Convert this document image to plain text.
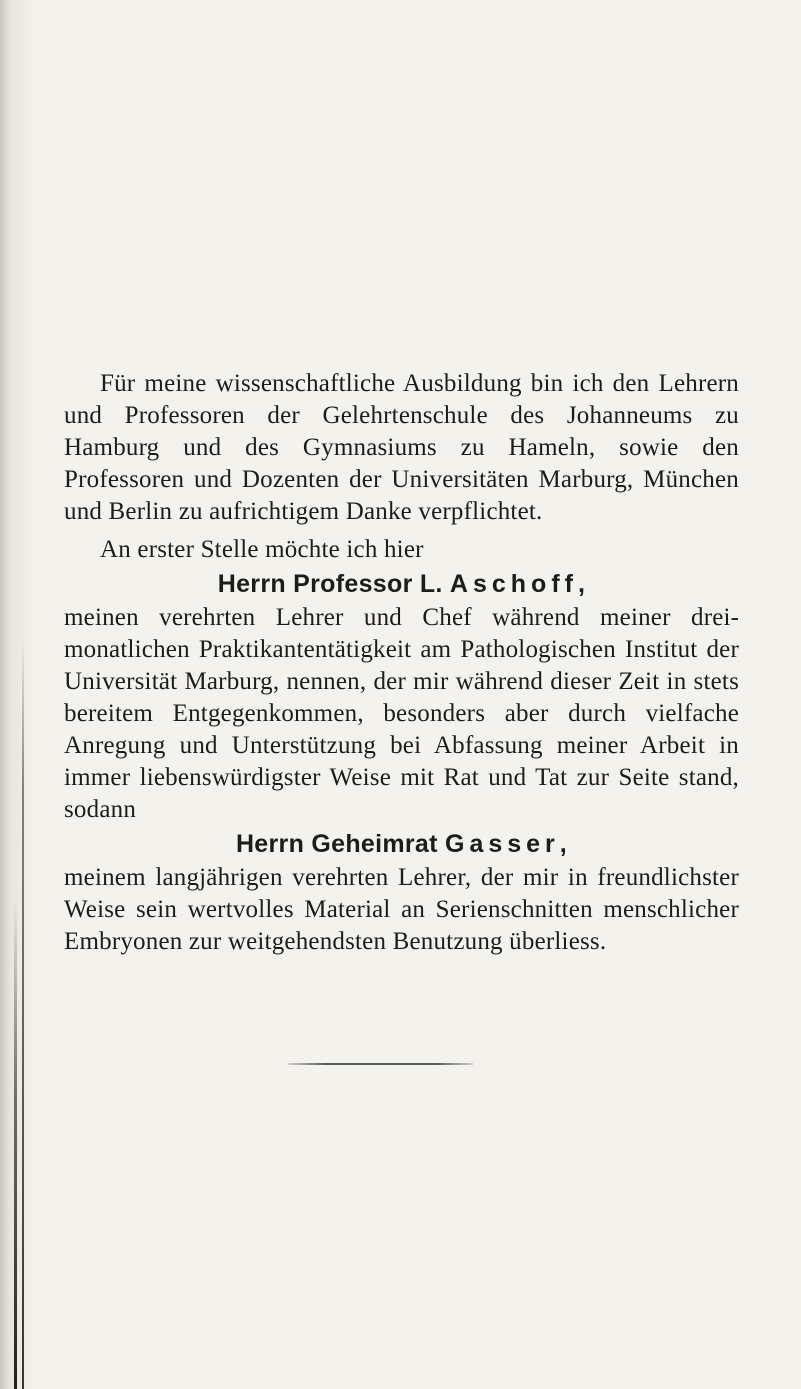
Für meine wissenschaftliche Ausbildung bin ich den Lehrern und Professoren der Gelehrtenschule des Johanneums zu Hamburg und des Gymnasiums zu Hameln, sowie den Professoren und Dozenten der Universitäten Marburg, München und Berlin zu aufrichtigem Danke verpflichtet.

An erster Stelle möchte ich hier

Herrn Professor L. Aschoff,

meinen verehrten Lehrer und Chef während meiner dreimonatlichen Praktikantentätigkeit am Pathologischen Institut der Universität Marburg, nennen, der mir während dieser Zeit in stets bereitem Entgegenkommen, besonders aber durch vielfache Anregung und Unterstützung bei Abfassung meiner Arbeit in immer liebenswürdigster Weise mit Rat und Tat zur Seite stand, sodann

Herrn Geheimrat Gasser,

meinem langjährigen verehrten Lehrer, der mir in freundlichster Weise sein wertvolles Material an Serienschnitten menschlicher Embryonen zur weitgehendsten Benutzung überliess.
